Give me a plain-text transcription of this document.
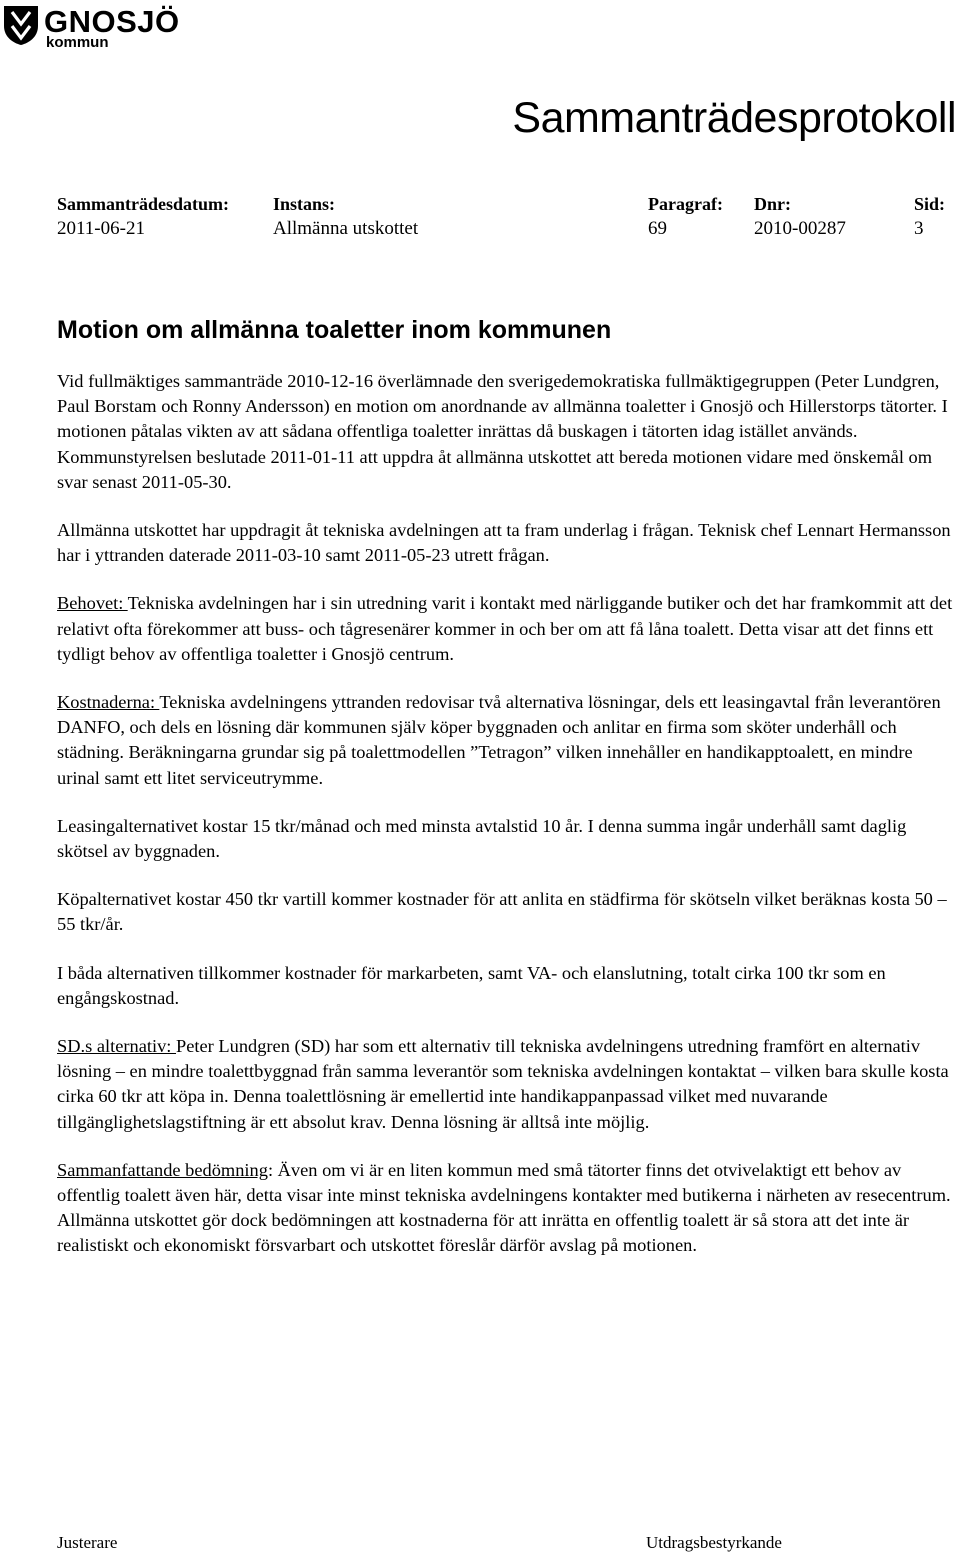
GNOSJÖ
kommun
Sammanträdesprotokoll
Sammanträdesdatum:
2011-06-21
Instans:
Allmänna utskottet
Paragraf:
69
Dnr:
2010-00287
Sid:
3
Motion om allmänna toaletter inom kommunen

Vid fullmäktiges sammanträde 2010-12-16 överlämnade den sverigedemokratiska fullmäktigegruppen (Peter Lundgren, Paul Borstam och Ronny Andersson) en motion om anordnande av allmänna toaletter i Gnosjö och Hillerstorps tätorter. I motionen påtalas vikten av att sådana offentliga toaletter inrättas då buskagen i tätorten idag istället används.

Kommunstyrelsen beslutade 2011-01-11 att uppdra åt allmänna utskottet att bereda motionen vidare med önskemål om svar senast 2011-05-30.

Allmänna utskottet har uppdragit åt tekniska avdelningen att ta fram underlag i frågan. Teknisk chef Lennart Hermansson har i yttranden daterade 2011-03-10 samt 2011-05-23 utrett frågan.

Behovet: Tekniska avdelningen har i sin utredning varit i kontakt med närliggande butiker och det har framkommit att det relativt ofta förekommer att buss- och tågresenärer kommer in och ber om att få låna toalett. Detta visar att det finns ett tydligt behov av offentliga toaletter i Gnosjö centrum.

Kostnaderna: Tekniska avdelningens yttranden redovisar två alternativa lösningar, dels ett leasingavtal från leverantören DANFO, och dels en lösning där kommunen själv köper byggnaden och anlitar en firma som sköter underhåll och städning. Beräkningarna grundar sig på toalettmodellen ”Tetragon” vilken innehåller en handikapptoalett, en mindre urinal samt ett litet serviceutrymme.

Leasingalternativet kostar 15 tkr/månad och med minsta avtalstid 10 år. I denna summa ingår underhåll samt daglig skötsel av byggnaden.

Köpalternativet kostar 450 tkr vartill kommer kostnader för att anlita en städfirma för skötseln vilket beräknas kosta 50 – 55 tkr/år.

I båda alternativen tillkommer kostnader för markarbeten, samt VA- och elanslutning, totalt cirka 100 tkr som en engångskostnad.

SD.s alternativ: Peter Lundgren (SD) har som ett alternativ till tekniska avdelningens utredning framfört en alternativ lösning – en mindre toalettbyggnad från samma leverantör som tekniska avdelningen kontaktat – vilken bara skulle kosta cirka 60 tkr att köpa in. Denna toalettlösning är emellertid inte handikappanpassad vilket med nuvarande tillgänglighetslagstiftning är ett absolut krav. Denna lösning är alltså inte möjlig.

Sammanfattande bedömning: Även om vi är en liten kommun med små tätorter finns det otvivelaktigt ett behov av offentlig toalett även här, detta visar inte minst tekniska avdelningens kontakter med butikerna i närheten av resecentrum. Allmänna utskottet gör dock bedömningen att kostnaderna för att inrätta en offentlig toalett är så stora att det inte är realistiskt och ekonomiskt försvarbart och utskottet föreslår därför avslag på motionen.

Justerare	Utdragsbestyrkande
